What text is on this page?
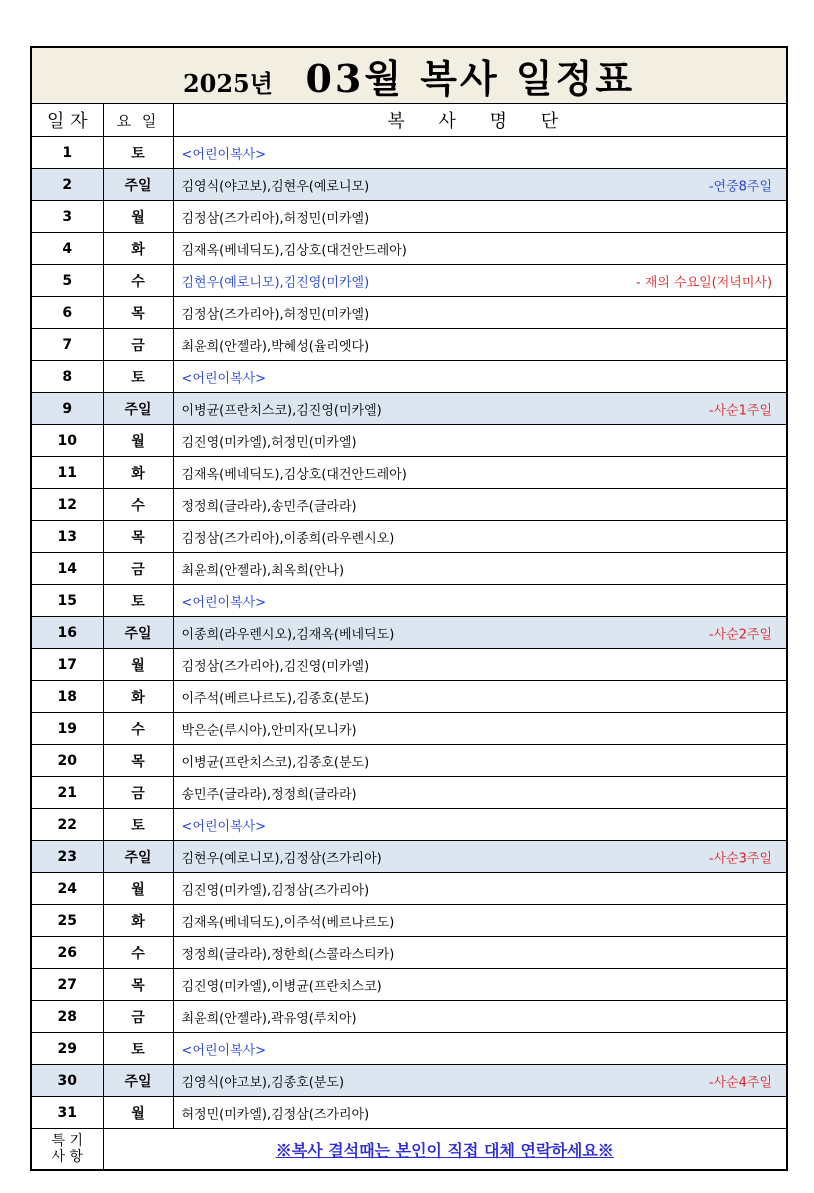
2025년 03월 복사 일정표		
일 자	요 일	복 사 명 단
1	토	<어린이복사>

2	주일	김영식(야고보),김현우(예로니모) -연중8주일

3	월	김정삼(즈가리아),허정민(미카엘)

4	화	김재옥(베네딕도),김상호(대건안드레아)

5	수	김현우(예로니모),김진영(미카엘) - 재의 수요일(저녁미사)

6	목	김정삼(즈가리아),허정민(미카엘)

7	금	최윤희(안젤라),박혜성(율리엣다)

8	토	<어린이복사>

9	주일	이병균(프란치스코),김진영(미카엘) -사순1주일

10	월	김진영(미카엘),허정민(미카엘)

11	화	김재옥(베네딕도),김상호(대건안드레아)

12	수	정정희(글라라),송민주(글라라)

13	목	김정삼(즈가리아),이종희(라우렌시오)

14	금	최윤희(안젤라),최옥희(안나)

15	토	<어린이복사>

16	주일	이종희(라우렌시오),김재옥(베네딕도) -사순2주일

17	월	김정삼(즈가리아),김진영(미카엘)

18	화	이주석(베르나르도),김종호(분도)

19	수	박은순(루시아),안미자(모니카)

20	목	이병균(프란치스코),김종호(분도)

21	금	송민주(글라라),정정희(글라라)

22	토	<어린이복사>

23	주일	김현우(예로니모),김정삼(즈가리아) -사순3주일

24	월	김진영(미카엘),김정삼(즈가리아)

25	화	김재옥(베네딕도),이주석(베르나르도)

26	수	정정희(글라라),정한희(스콜라스티카)

27	목	김진영(미카엘),이병균(프란치스코)

28	금	최윤희(안젤라),곽유영(루치아)

29	토	<어린이복사>

30	주일	김영식(야고보),김종호(분도) -사순4주일

31	월	허정민(미카엘),김정삼(즈가리아)

특 기
사 항	※복사 결석때는 본인이 직접 대체 연락하세요※	
